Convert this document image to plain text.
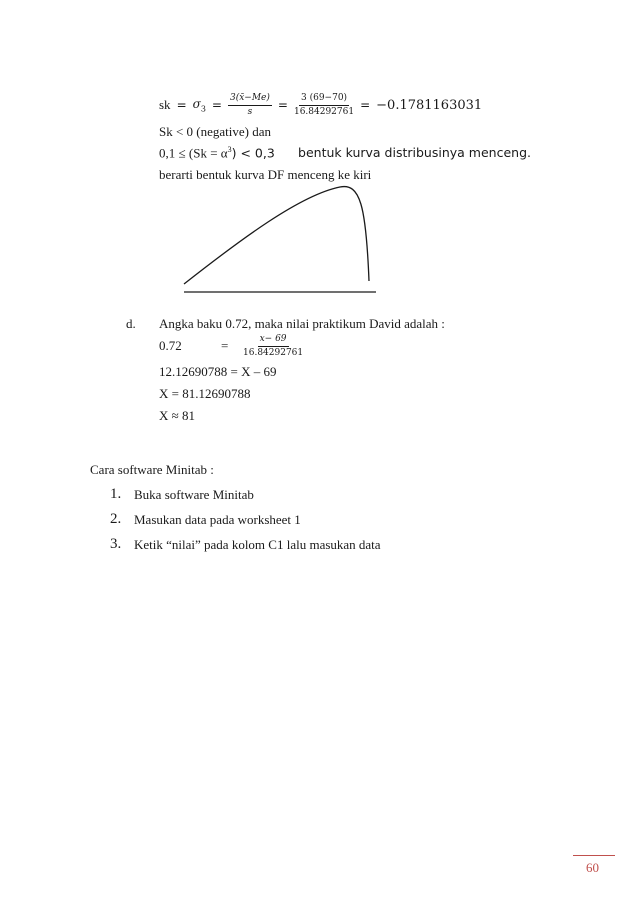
sk = $\sigma_3 = \frac{3(x̄-Me)}{s} = \frac{3 (69-70)}{16.84292761} = -0.1781163031$
Sk < 0 (negative) dan
$0,1 \le (Sk = \alpha^3) < 0,3$ bentuk kurva distribusinya menceng.
berarti bentuk kurva DF menceng ke kiri
d. Angka baku 0.72, maka nilai praktikum David adalah :
0.72	=	$\frac{x- 69}{16.84292761}$
12.12690788 = X – 69
X = 81.12690788
X ≈ 81
Cara software Minitab :
1. Buka software Minitab
2. Masukan data pada worksheet 1
3. Ketik “nilai” pada kolom C1 lalu masukan data
60
